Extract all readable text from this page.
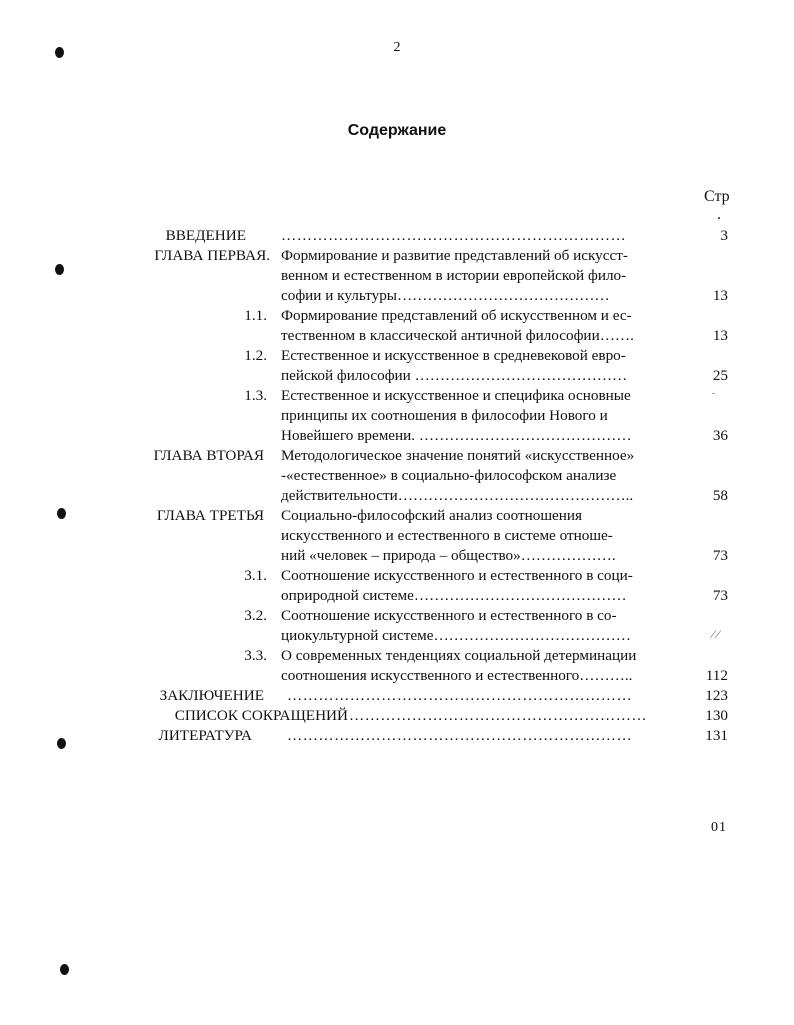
2
Содержание
Стр
.
ВВЕДЕНИЕ …………………………………………………………	3
ГЛАВА ПЕРВАЯ. Формирование и развитие представлений об искусст-
венном и естественном в истории европейской фило-
софии и культуры……………………………………	13
1.1. Формирование представлений об искусственном и ес-
тественном в классической античной философии…….	13
1.2. Естественное и искусственное в средневековой евро-
пейской философии ……………………………………	25
1.3. Естественное и искусственное и специфика основные
принципы их соотношения в философии Нового и
Новейшего времени. ……………………………………	36
ГЛАВА ВТОРАЯ Методологическое значение понятий «искусственное»
-«естественное» в социально-философском анализе
действительности………………………………………..	58
ГЛАВА ТРЕТЬЯ Социально-философский анализ соотношения
искусственного и естественного в системе отноше-
ний «человек – природа – общество»……………….	73
3.1. Соотношение искусственного и естественного в соци-
оприродной системе……………………………………	73
3.2. Соотношение искусственного и естественного в со-
циокультурной системе…………………………………
3.3. О современных тенденциях социальной детерминации
соотношения искусственного и естественного………..	112
ЗАКЛЮЧЕНИЕ …………………………………………………………	123
СПИСОК СОКРАЩЕНИЙ …………………………………………………	130
ЛИТЕРАТУРА …………………………………………………………	131
-
⁄ ⁄
01
